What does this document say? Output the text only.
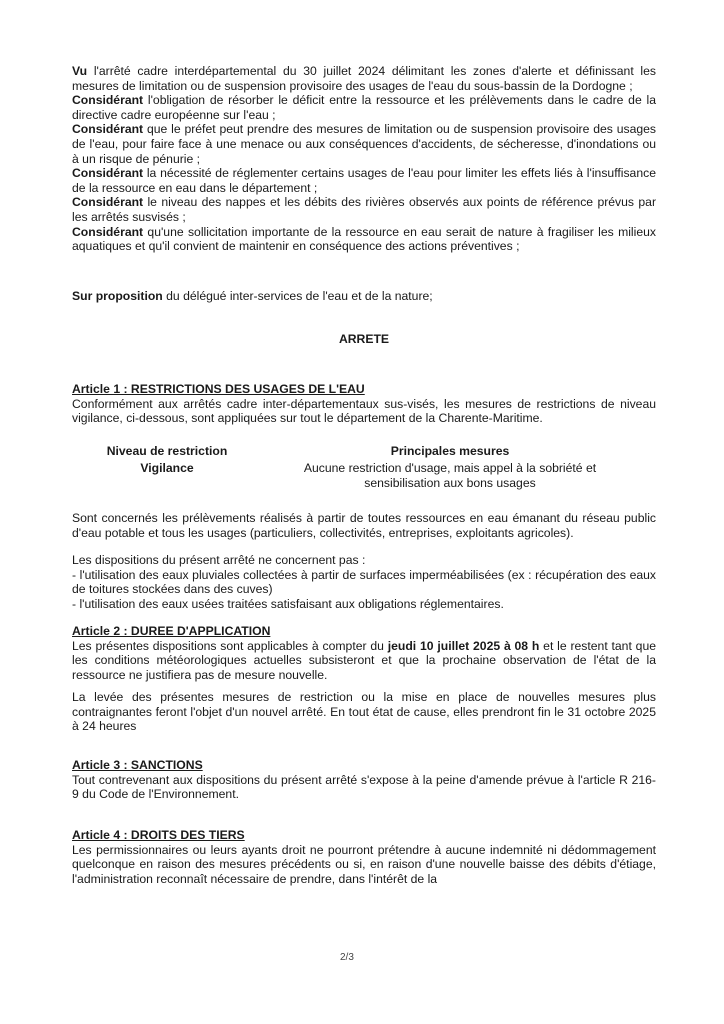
Vu l'arrêté cadre interdépartemental du 30 juillet 2024 délimitant les zones d'alerte et définissant les mesures de limitation ou de suspension provisoire des usages de l'eau du sous-bassin de la Dordogne ;

Considérant l'obligation de résorber le déficit entre la ressource et les prélèvements dans le cadre de la directive cadre européenne sur l'eau ;

Considérant que le préfet peut prendre des mesures de limitation ou de suspension provisoire des usages de l'eau, pour faire face à une menace ou aux conséquences d'accidents, de sécheresse, d'inondations ou à un risque de pénurie ;

Considérant la nécessité de réglementer certains usages de l'eau pour limiter les effets liés à l'insuffisance de la ressource en eau dans le département ;

Considérant le niveau des nappes et les débits des rivières observés aux points de référence prévus par les arrêtés susvisés ;

Considérant qu'une sollicitation importante de la ressource en eau serait de nature à fragiliser les milieux aquatiques et qu'il convient de maintenir en conséquence des actions préventives ;

Sur proposition du délégué inter-services de l'eau et de la nature;

ARRETE
Article 1 : RESTRICTIONS DES USAGES DE L'EAU

Conformément aux arrêtés cadre inter-départementaux sus-visés, les mesures de restrictions de niveau vigilance, ci-dessous, sont appliquées sur tout le département de la Charente-Maritime.

Niveau de restriction	Principales mesures
Vigilance	Aucune restriction d'usage, mais appel à la sobriété et sensibilisation aux bons usages

Sont concernés les prélèvements réalisés à partir de toutes ressources en eau émanant du réseau public d'eau potable et tous les usages (particuliers, collectivités, entreprises, exploitants agricoles).

Les dispositions du présent arrêté ne concernent pas :

- l'utilisation des eaux pluviales collectées à partir de surfaces imperméabilisées (ex : récupération des eaux de toitures stockées dans des cuves)

- l'utilisation des eaux usées traitées satisfaisant aux obligations réglementaires.

Article 2 : DUREE D'APPLICATION

Les présentes dispositions sont applicables à compter du jeudi 10 juillet 2025 à 08 h et le restent tant que les conditions météorologiques actuelles subsisteront et que la prochaine observation de l'état de la ressource ne justifiera pas de mesure nouvelle.

La levée des présentes mesures de restriction ou la mise en place de nouvelles mesures plus contraignantes feront l'objet d'un nouvel arrêté. En tout état de cause, elles prendront fin le 31 octobre 2025 à 24 heures

Article 3 : SANCTIONS

Tout contrevenant aux dispositions du présent arrêté s'expose à la peine d'amende prévue à l'article R 216-9 du Code de l'Environnement.

Article 4 : DROITS DES TIERS

Les permissionnaires ou leurs ayants droit ne pourront prétendre à aucune indemnité ni dédommagement quelconque en raison des mesures précédents ou si, en raison d'une nouvelle baisse des débits d'étiage, l'administration reconnaît nécessaire de prendre, dans l'intérêt de la

2/3
